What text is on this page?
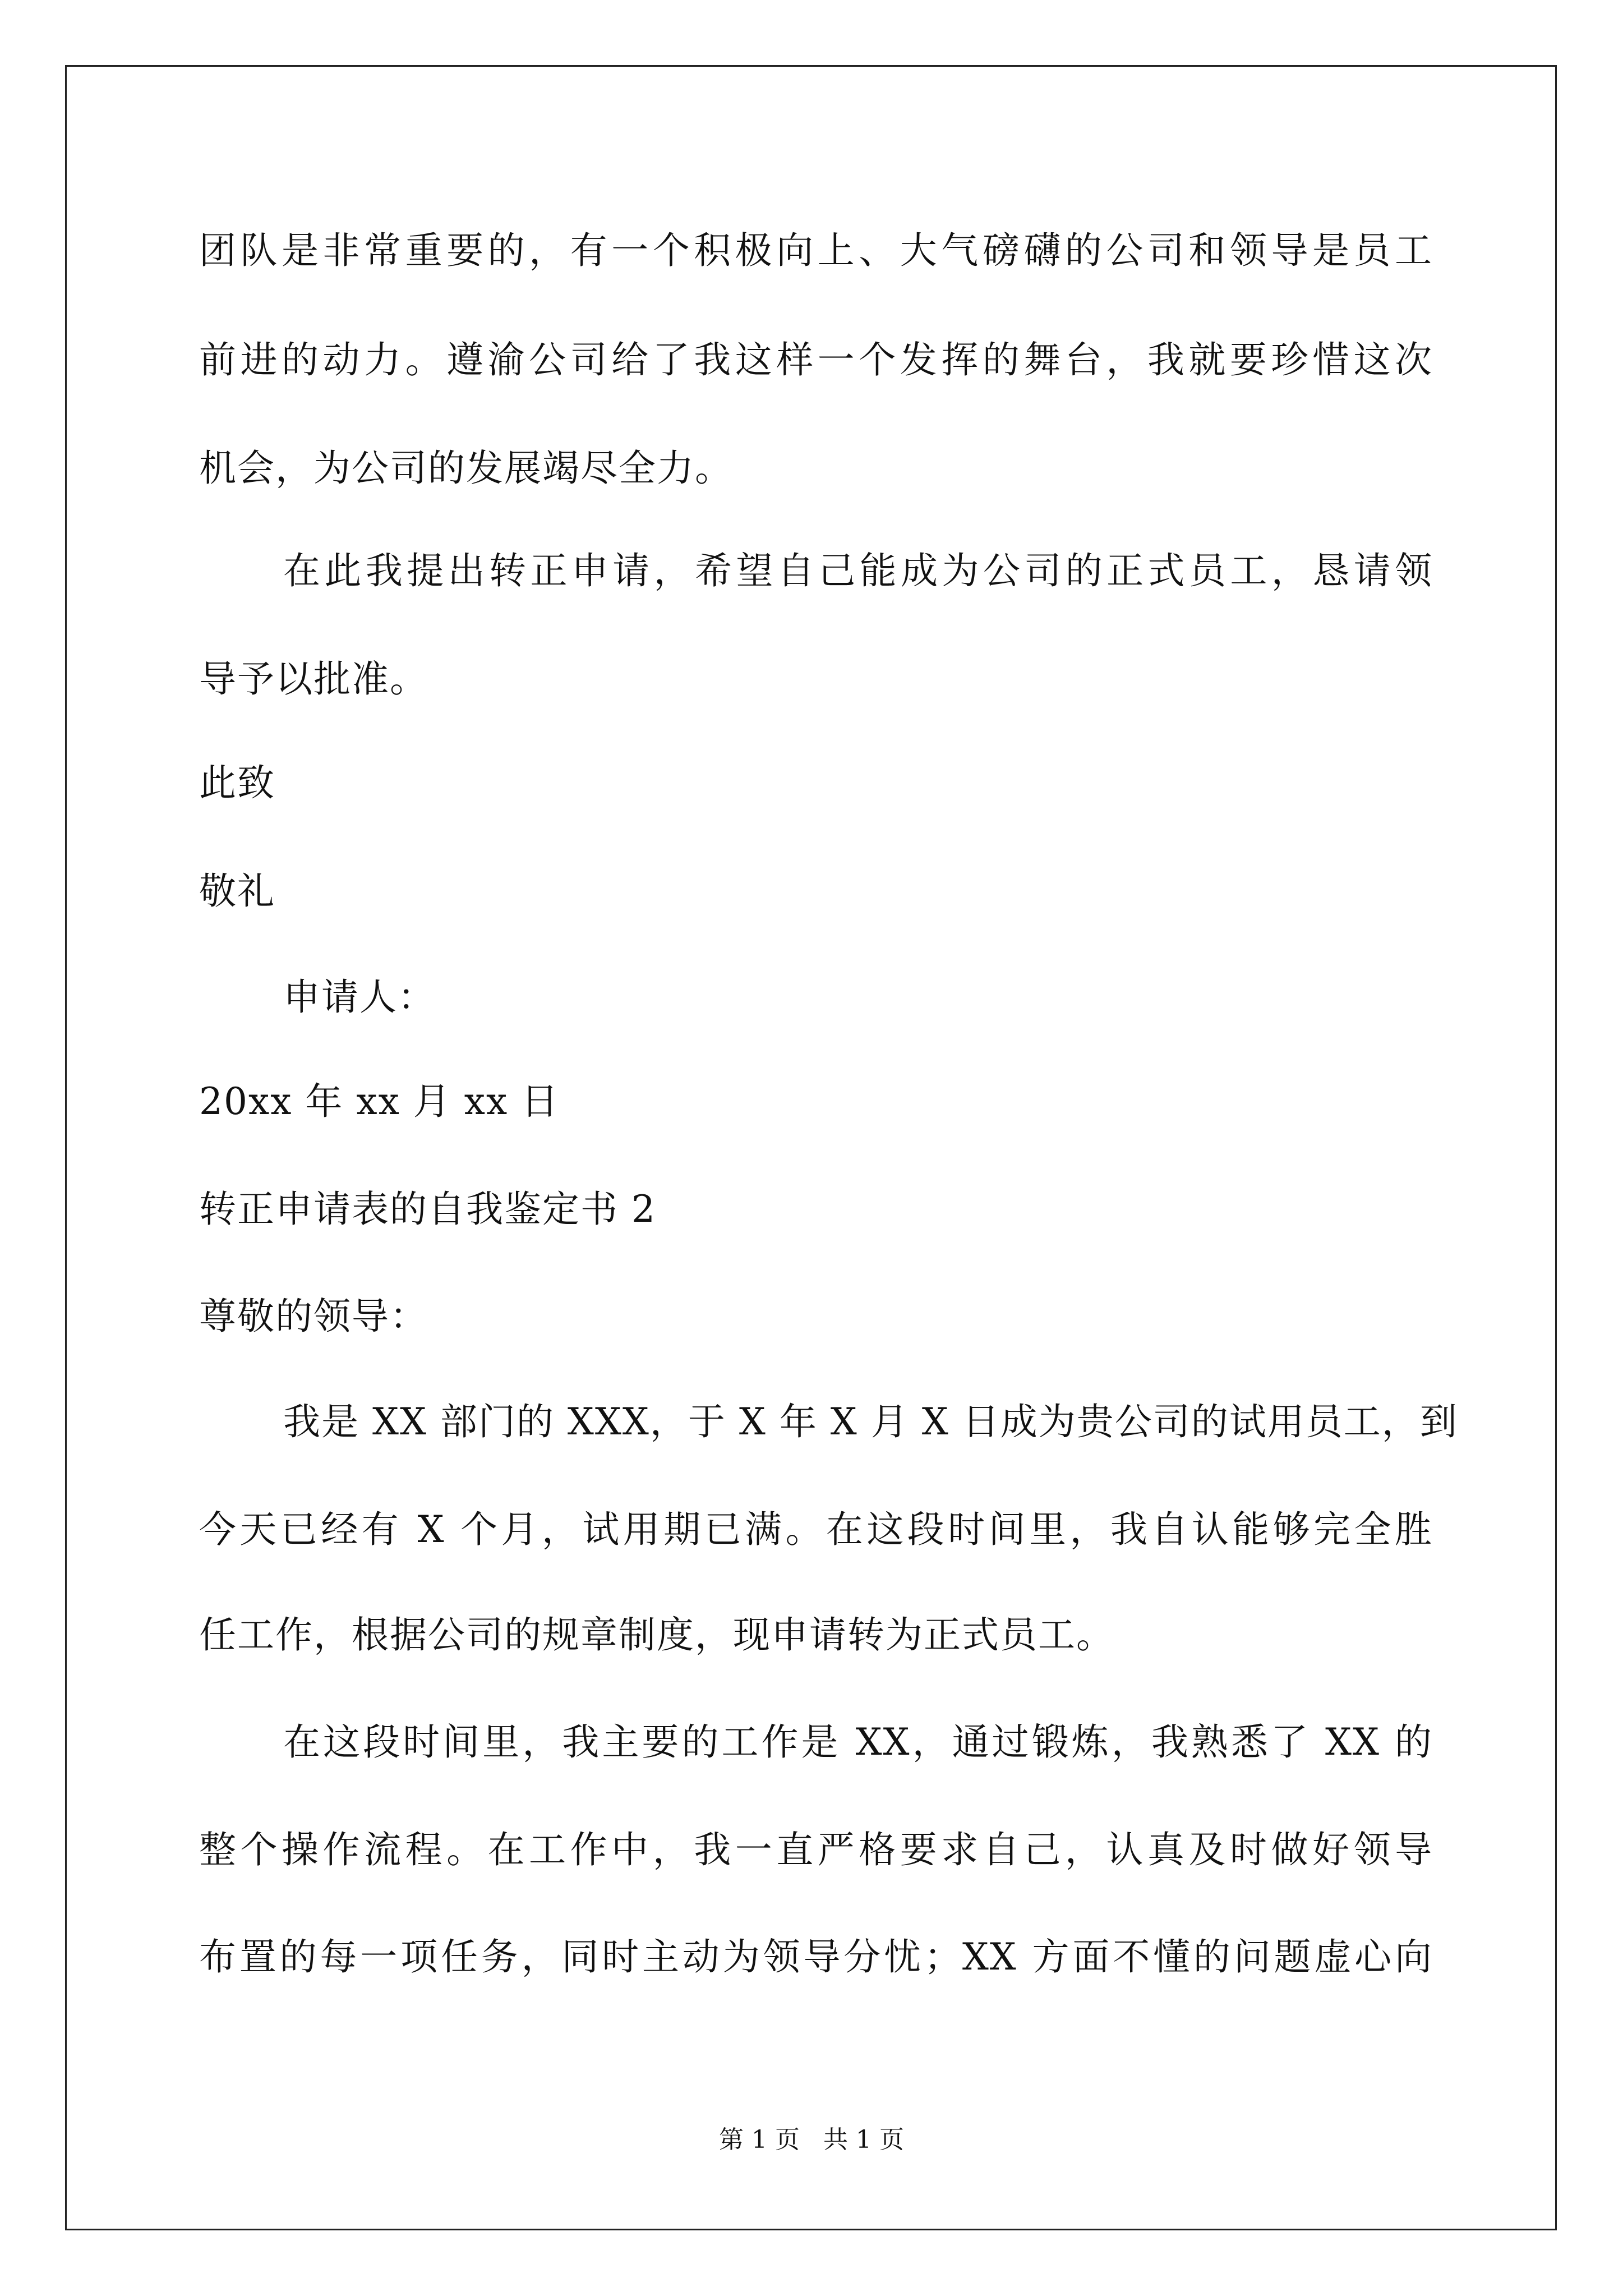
团队是非常重要的，有一个积极向上、大气磅礴的公司和领导是员工
前进的动力。遵渝公司给了我这样一个发挥的舞台，我就要珍惜这次
机会，为公司的发展竭尽全力。
在此我提出转正申请，希望自己能成为公司的正式员工，恳请领
导予以批准。
此致
敬礼
申请人：
20xx 年 xx 月 xx 日
转正申请表的自我鉴定书 2
尊敬的领导：
我是 XX 部门的 XXX，于 X 年 X 月 X 日成为贵公司的试用员工，到
今天已经有 X 个月，试用期已满。在这段时间里，我自认能够完全胜
任工作，根据公司的规章制度，现申请转为正式员工。
在这段时间里，我主要的工作是 XX，通过锻炼，我熟悉了 XX 的
整个操作流程。在工作中，我一直严格要求自己，认真及时做好领导
布置的每一项任务，同时主动为领导分忧；XX 方面不懂的问题虚心向
第 1 页   共 1 页
